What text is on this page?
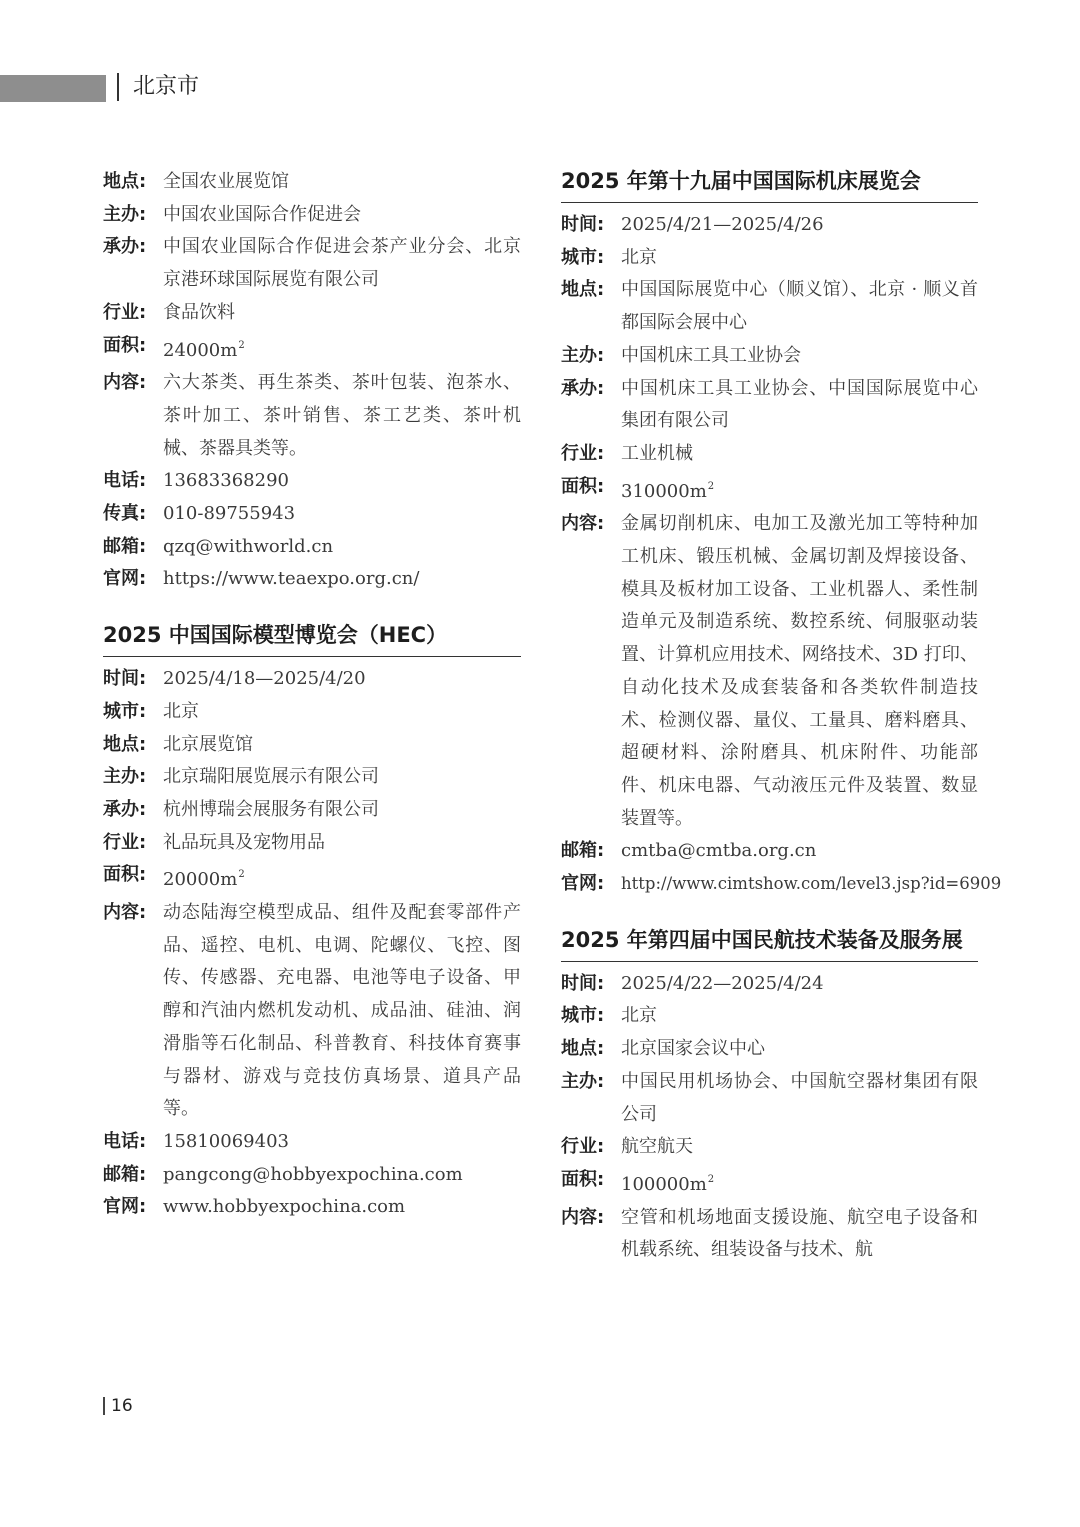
北京市
地点: 全国农业展览馆
主办: 中国农业国际合作促进会
承办: 中国农业国际合作促进会茶产业分会、北京京港环球国际展览有限公司
行业: 食品饮料
面积: $24000m^2$
内容: 六大茶类、再生茶类、茶叶包装、泡茶水、茶叶加工、茶叶销售、茶工艺类、茶叶机械、茶器具类等。
电话: 13683368290
传真: 010-89755943
邮箱: qzq@withworld.cn
官网: https://www.teaexpo.org.cn/
2025 中国国际模型博览会（HEC）
时间: 2025/4/18—2025/4/20
城市: 北京
地点: 北京展览馆
主办: 北京瑞阳展览展示有限公司
承办: 杭州博瑞会展服务有限公司
行业: 礼品玩具及宠物用品
面积: $20000m^2$
内容: 动态陆海空模型成品、组件及配套零部件产品、遥控、电机、电调、陀螺仪、飞控、图传、传感器、充电器、电池等电子设备、甲醇和汽油内燃机发动机、成品油、硅油、润滑脂等石化制品、科普教育、科技体育赛事与器材、游戏与竞技仿真场景、道具产品等。
电话: 15810069403
邮箱: pangcong@hobbyexpochina.com
官网: www.hobbyexpochina.com
2025 年第十九届中国国际机床展览会
时间: 2025/4/21—2025/4/26
城市: 北京
地点: 中国国际展览中心（顺义馆）、北京 · 顺义首都国际会展中心
主办: 中国机床工具工业协会
承办: 中国机床工具工业协会、中国国际展览中心集团有限公司
行业: 工业机械
面积: $310000m^2$
内容: 金属切削机床、电加工及激光加工等特种加工机床、锻压机械、金属切割及焊接设备、模具及板材加工设备、工业机器人、柔性制造单元及制造系统、数控系统、伺服驱动装置、计算机应用技术、网络技术、3D 打印、自动化技术及成套装备和各类软件制造技术、检测仪器、量仪、工量具、磨料磨具、超硬材料、涂附磨具、机床附件、功能部件、机床电器、气动液压元件及装置、数显装置等。
邮箱: cmtba@cmtba.org.cn
官网:	http://www.cimtshow.com/level3.jsp?id=6909
2025 年第四届中国民航技术装备及服务展
时间: 2025/4/22—2025/4/24
城市: 北京
地点: 北京国家会议中心
主办: 中国民用机场协会、中国航空器材集团有限公司
行业: 航空航天
面积: $100000m^2$
内容: 空管和机场地面支援设施、航空电子设备和机载系统、组装设备与技术、航
16
